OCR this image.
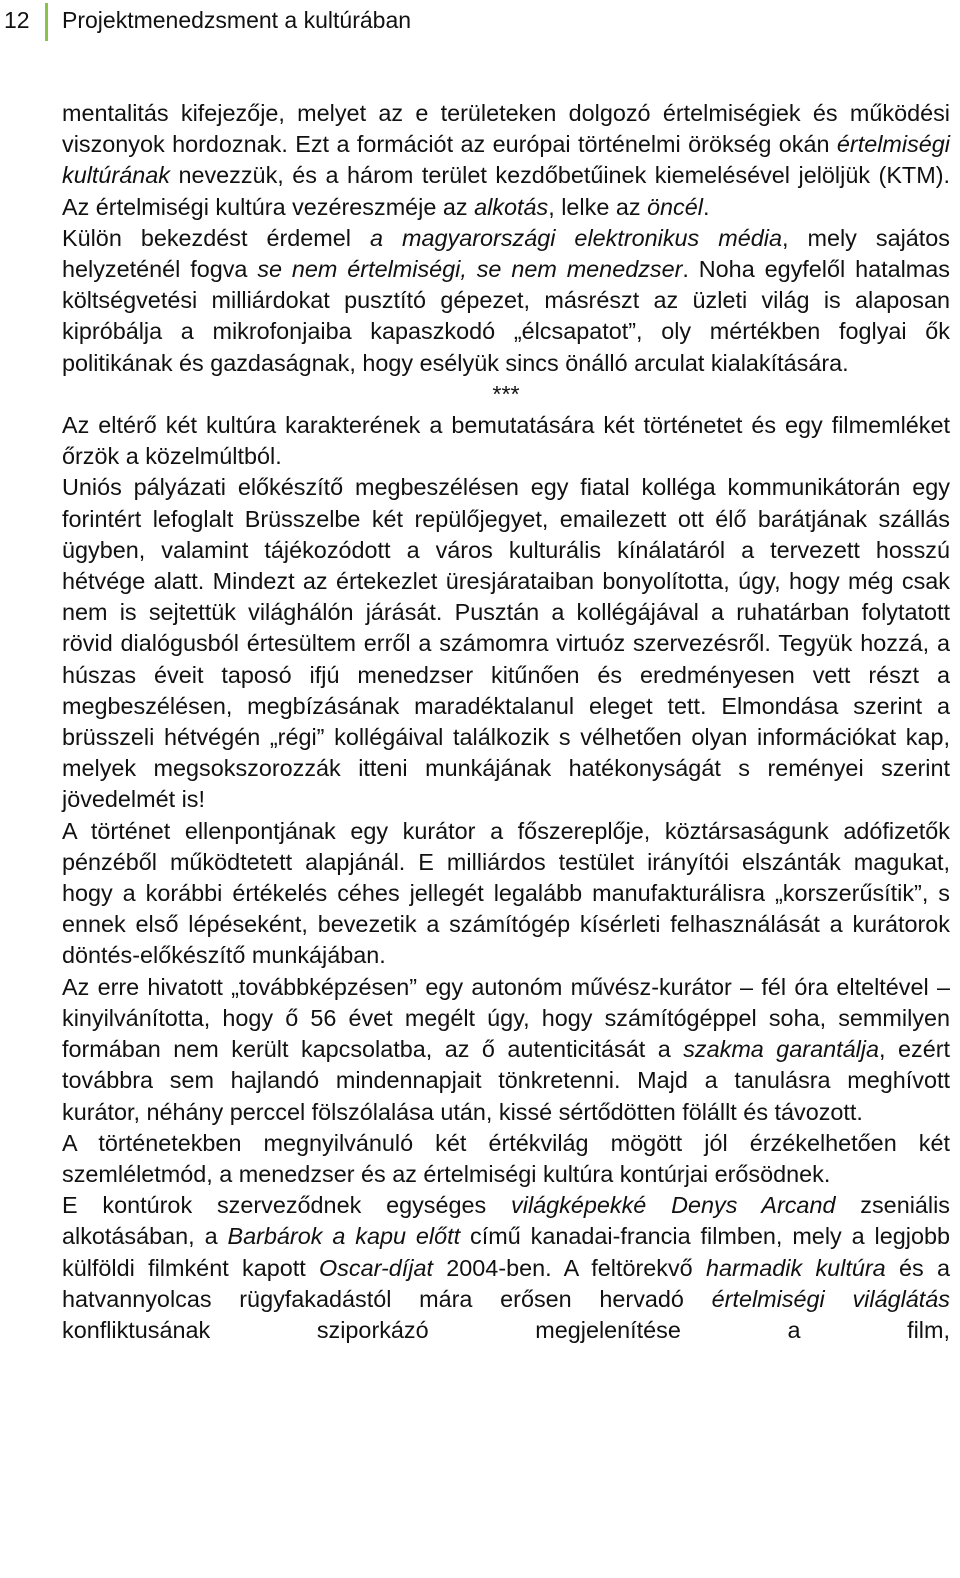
12 Projektmenedzsment a kultúrában

mentalitás kifejezője, melyet az e területeken dolgozó értelmiségiek és működési viszonyok hordoznak. Ezt a formációt az európai történelmi örökség okán értelmiségi kultúrának nevezzük, és a három terület kezdőbetűinek kiemelésével jelöljük (KTM). Az értelmiségi kultúra vezéreszméje az alkotás, lelke az öncél.

Külön bekezdést érdemel a magyarországi elektronikus média, mely sajátos helyzeténél fogva se nem értelmiségi, se nem menedzser. Noha egyfelől hatalmas költségvetési milliárdokat pusztító gépezet, másrészt az üzleti világ is alaposan kipróbálja a mikrofonjaiba kapaszkodó „élcsapatot”, oly mértékben foglyai ők politikának és gazdaságnak, hogy esélyük sincs önálló arculat kialakítására.

***

Az eltérő két kultúra karakterének a bemutatására két történetet és egy filmemléket őrzök a közelmúltból.

Uniós pályázati előkészítő megbeszélésen egy fiatal kolléga kommunikátorán egy forintért lefoglalt Brüsszelbe két repülőjegyet, emailezett ott élő barátjának szállás ügyben, valamint tájékozódott a város kulturális kínálatáról a tervezett hosszú hétvége alatt. Mindezt az értekezlet üresjárataiban bonyolította, úgy, hogy még csak nem is sejtettük világhálón járását. Pusztán a kollégájával a ruhatárban folytatott rövid dialógusból értesültem erről a számomra virtuóz szervezésről. Tegyük hozzá, a húszas éveit taposó ifjú menedzser kitűnően és eredményesen vett részt a megbeszélésen, megbízásának maradéktalanul eleget tett. Elmondása szerint a brüsszeli hétvégén „régi” kollégáival találkozik s vélhetően olyan információkat kap, melyek megsokszorozzák itteni munkájának hatékonyságát s reményei szerint jövedelmét is!

A történet ellenpontjának egy kurátor a főszereplője, köztársaságunk adófizetők pénzéből működtetett alapjánál. E milliárdos testület irányítói elszánták magukat, hogy a korábbi értékelés céhes jellegét legalább manufakturálisra „korszerűsítik”, s ennek első lépéseként, bevezetik a számítógép kísérleti felhasználását a kurátorok döntés-előkészítő munkájában.

Az erre hivatott „továbbképzésen” egy autonóm művész-kurátor – fél óra elteltével – kinyilvánította, hogy ő 56 évet megélt úgy, hogy számítógéppel soha, semmilyen formában nem került kapcsolatba, az ő autenticitását a szakma garantálja, ezért továbbra sem hajlandó mindennapjait tönkretenni. Majd a tanulásra meghívott kurátor, néhány perccel fölszólalása után, kissé sértődötten fölállt és távozott.

A történetekben megnyilvánuló két értékvilág mögött jól érzékelhetően két szemléletmód, a menedzser és az értelmiségi kultúra kontúrjai erősödnek.

E kontúrok szerveződnek egységes világképekké Denys Arcand zseniális alkotásában, a Barbárok a kapu előtt című kanadai-francia filmben, mely a legjobb külföldi filmként kapott Oscar-díjat 2004-ben. A feltörekvő harmadik kultúra és a hatvannyolcas rügyfakadástól mára erősen hervadó értelmiségi világlátás konfliktusának sziporkázó megjelenítése a film,
